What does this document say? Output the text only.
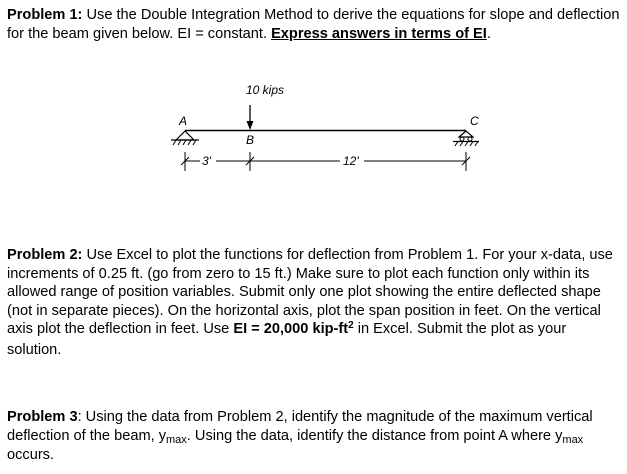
Problem 1: Use the Double Integration Method to derive the equations for slope and deflection for the beam given below. EI = constant. Express answers in terms of EI.

10 kips
A
B
C
3'	12'

Problem 2: Use Excel to plot the functions for deflection from Problem 1. For your x-data, use increments of 0.25 ft. (go from zero to 15 ft.) Make sure to plot each function only within its allowed range of position variables. Submit only one plot showing the entire deflected shape (not in separate pieces). On the horizontal axis, plot the span position in feet. On the vertical axis plot the deflection in feet. Use EI = 20,000 kip-$ft^2$ in Excel. Submit the plot as your solution.

Problem 3: Using the data from Problem 2, identify the magnitude of the maximum vertical deflection of the beam, $y_{max}$. Using the data, identify the distance from point A where $y_{max}$ occurs.
